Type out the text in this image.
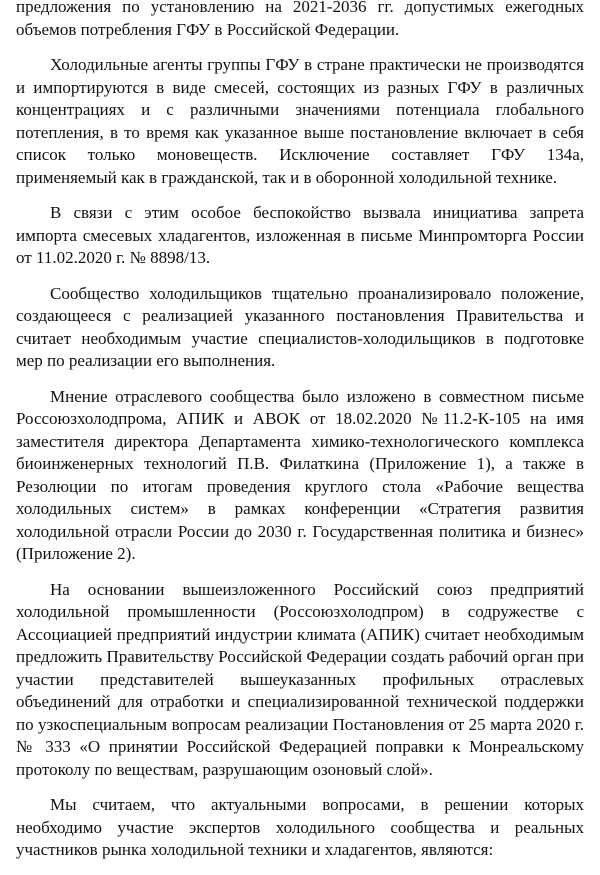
предложения по установлению на 2021-2036 гг. допустимых ежегодных объемов потребления ГФУ в Российской Федерации.

Холодильные агенты группы ГФУ в стране практически не производятся и импортируются в виде смесей, состоящих из разных ГФУ в различных концентрациях и с различными значениями потенциала глобального потепления, в то время как указанное выше постановление включает в себя список только моновеществ. Исключение составляет ГФУ 134а, применяемый как в гражданской, так и в оборонной холодильной технике.

В связи с этим особое беспокойство вызвала инициатива запрета импорта смесевых хладагентов, изложенная в письме Минпромторга России от 11.02.2020 г. № 8898/13.

Сообщество холодильщиков тщательно проанализировало положение, создающееся с реализацией указанного постановления Правительства и считает необходимым участие специалистов-холодильщиков в подготовке мер по реализации его выполнения.

Мнение отраслевого сообщества было изложено в совместном письме Россоюзхолодпрома, АПИК и АВОК от 18.02.2020 №11.2-К-105 на имя заместителя директора Департамента химико-технологического комплекса биоинженерных технологий П.В. Филаткина (Приложение 1), а также в Резолюции по итогам проведения круглого стола «Рабочие вещества холодильных систем» в рамках конференции «Стратегия развития холодильной отрасли России до 2030 г. Государственная политика и бизнес» (Приложение 2).

На основании вышеизложенного Российский союз предприятий холодильной промышленности (Россоюзхолодпром) в содружестве с Ассоциацией предприятий индустрии климата (АПИК) считает необходимым предложить Правительству Российской Федерации создать рабочий орган при участии представителей вышеуказанных профильных отраслевых объединений для отработки и специализированной технической поддержки по узкоспециальным вопросам реализации Постановления от 25 марта 2020 г. № 333 «О принятии Российской Федерацией поправки к Монреальскому протоколу по веществам, разрушающим озоновый слой».

Мы считаем, что актуальными вопросами, в решении которых необходимо участие экспертов холодильного сообщества и реальных участников рынка холодильной техники и хладагентов, являются:
